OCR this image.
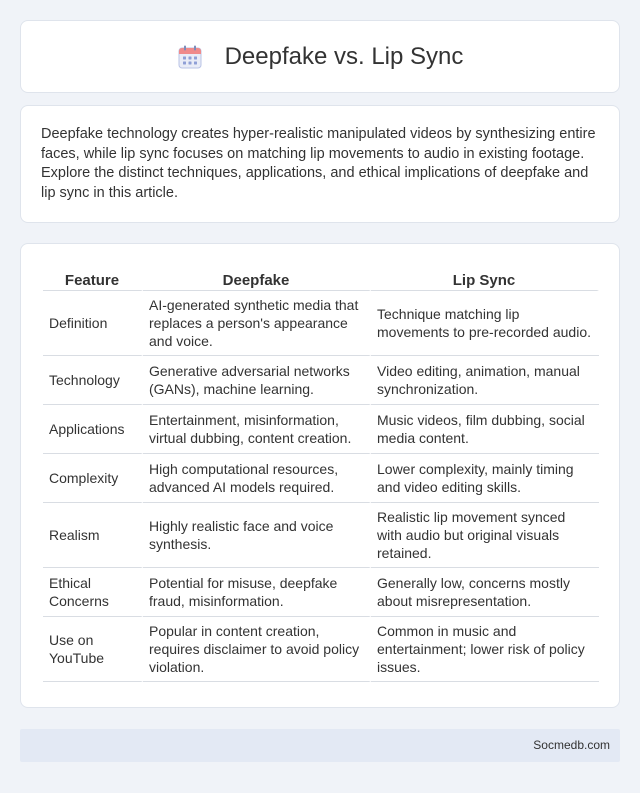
Deepfake vs. Lip Sync

Deepfake technology creates hyper-realistic manipulated videos by synthesizing entire faces, while lip sync focuses on matching lip movements to audio in existing footage. Explore the distinct techniques, applications, and ethical implications of deepfake and lip sync in this article.

Feature	Deepfake	Lip Sync
Definition	AI-generated synthetic media that replaces a person's appearance and voice.	Technique matching lip movements to pre-recorded audio.
Technology	Generative adversarial networks (GANs), machine learning.	Video editing, animation, manual synchronization.
Applications	Entertainment, misinformation, virtual dubbing, content creation.	Music videos, film dubbing, social media content.
Complexity	High computational resources, advanced AI models required.	Lower complexity, mainly timing and video editing skills.
Realism	Highly realistic face and voice synthesis.	Realistic lip movement synced with audio but original visuals retained.
Ethical Concerns	Potential for misuse, deepfake fraud, misinformation.	Generally low, concerns mostly about misrepresentation.
Use on YouTube	Popular in content creation, requires disclaimer to avoid policy violation.	Common in music and entertainment; lower risk of policy issues.
Socmedb.com
